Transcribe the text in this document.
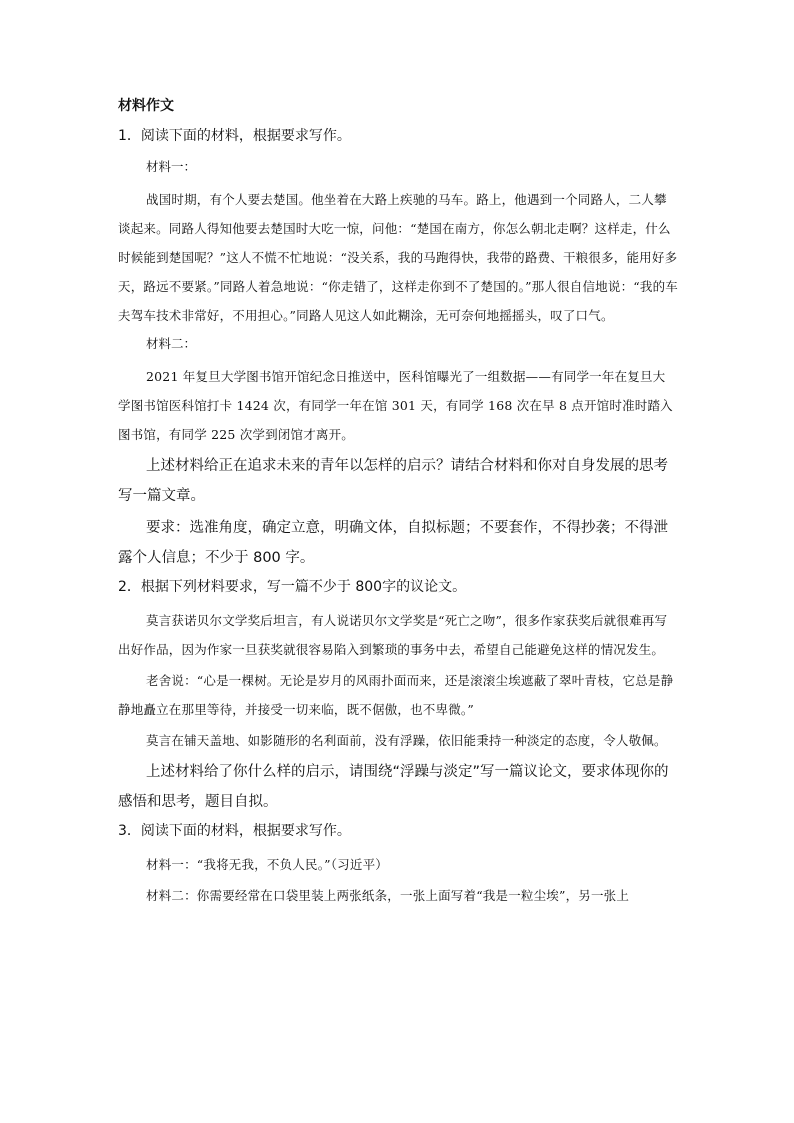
材料作文

1．阅读下面的材料，根据要求写作。

材料一：

战国时期，有个人要去楚国。他坐着在大路上疾驰的马车。路上，他遇到一个同路人，二人攀谈起来。同路人得知他要去楚国时大吃一惊，问他：“楚国在南方，你怎么朝北走啊？这样走，什么时候能到楚国呢？”这人不慌不忙地说：“没关系，我的马跑得快，我带的路费、干粮很多，能用好多天，路远不要紧。”同路人着急地说：“你走错了，这样走你到不了楚国的。”那人很自信地说：“我的车夫驾车技术非常好，不用担心。”同路人见这人如此糊涂，无可奈何地摇摇头，叹了口气。

材料二：

2021 年复旦大学图书馆开馆纪念日推送中，医科馆曝光了一组数据——有同学一年在复旦大学图书馆医科馆打卡 1424 次，有同学一年在馆 301 天，有同学 168 次在早 8 点开馆时准时踏入图书馆，有同学 225 次学到闭馆才离开。

上述材料给正在追求未来的青年以怎样的启示？请结合材料和你对自身发展的思考写一篇文章。

要求：选准角度，确定立意，明确文体，自拟标题；不要套作，不得抄袭；不得泄露个人信息；不少于 800 字。

2．根据下列材料要求，写一篇不少于 800字的议论文。

莫言获诺贝尔文学奖后坦言，有人说诺贝尔文学奖是“死亡之吻”，很多作家获奖后就很难再写出好作品，因为作家一旦获奖就很容易陷入到繁琐的事务中去，希望自己能避免这样的情况发生。

老舍说：“心是一棵树。无论是岁月的风雨扑面而来，还是滚滚尘埃遮蔽了翠叶青枝，它总是静静地矗立在那里等待，并接受一切来临，既不倨傲，也不卑微。”

莫言在铺天盖地、如影随形的名利面前，没有浮躁，依旧能秉持一种淡定的态度，令人敬佩。

上述材料给了你什么样的启示，请围绕“浮躁与淡定”写一篇议论文，要求体现你的感悟和思考，题目自拟。

3．阅读下面的材料，根据要求写作。

材料一：“我将无我，不负人民。”（习近平）

材料二：你需要经常在口袋里装上两张纸条，一张上面写着“我是一粒尘埃”，另一张上
